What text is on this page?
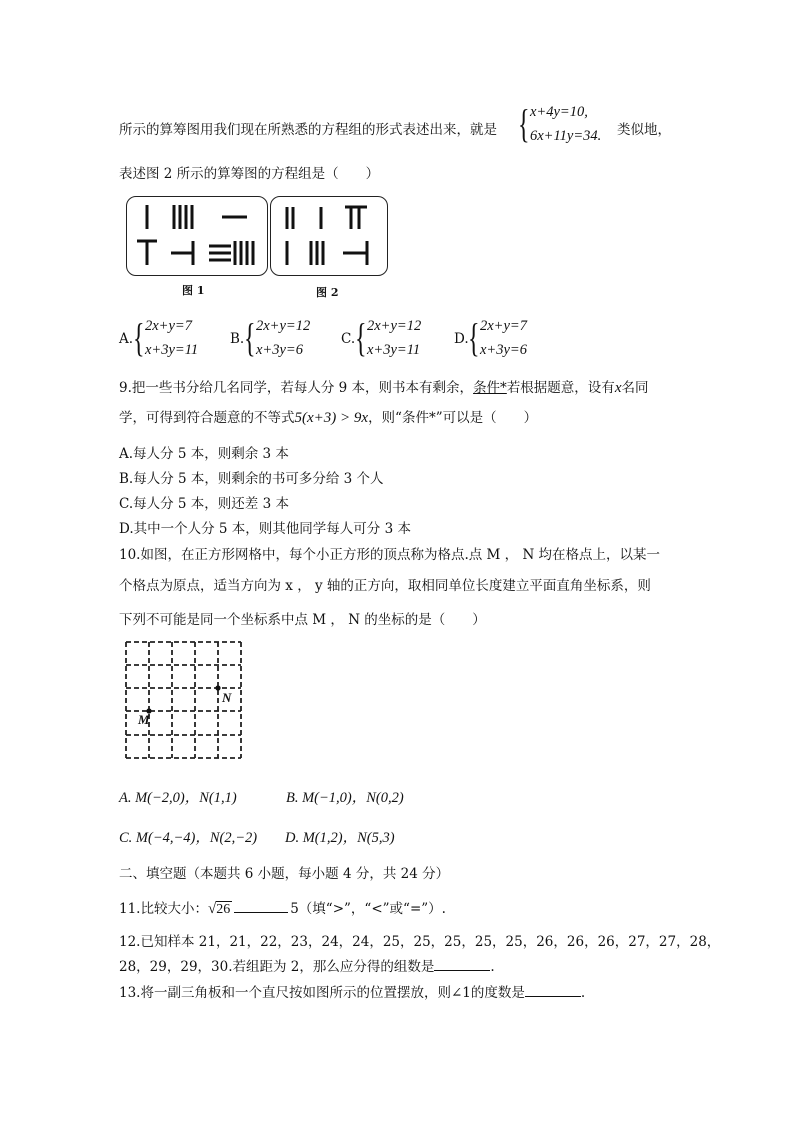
所示的算筹图用我们现在所熟悉的方程组的形式表述出来，就是 { x+4y=10,
6x+11y=34. 类似地，
表述图 2 所示的算筹图的方程组是（　　）
图 1	图 2
A. { 2x+y=7
x+3y=11
B. { 2x+y=12
x+3y=6
C. { 2x+y=12
x+3y=11
D. { 2x+y=7
x+3y=6
9.把一些书分给几名同学，若每人分 9 本，则书本有剩余，条件*若根据题意，设有x名同
学，可得到符合题意的不等式5(x+3) > 9x，则“条件*”可以是（　　）
A.每人分 5 本，则剩余 3 本
B.每人分 5 本，则剩余的书可多分给 3 个人
C.每人分 5 本，则还差 3 本
D.其中一个人分 5 本，则其他同学每人可分 3 本
10.如图，在正方形网格中，每个小正方形的顶点称为格点.点 M ， N 均在格点上，以某一
个格点为原点，适当方向为 x ， y 轴的正方向，取相同单位长度建立平面直角坐标系，则
下列不可能是同一个坐标系中点 M ， N 的坐标的是（　　）
M
N
A. M(−2,0)，N(1,1)	B. M(−1,0)，N(0,2)
C. M(−4,−4)，N(2,−2) D. M(1,2)，N(5,3)
二、填空题（本题共 6 小题，每小题 4 分，共 24 分）
11.比较大小：√26	5（填“>”，“<”或“=”）.
12.已知样本 21，21，22，23，24，24，25，25，25，25，25，26，26，26，27，27，28，
28，29，29，30.若组距为 2，那么应分得的组数是	.
13.将一副三角板和一个直尺按如图所示的位置摆放，则∠1的度数是	.
